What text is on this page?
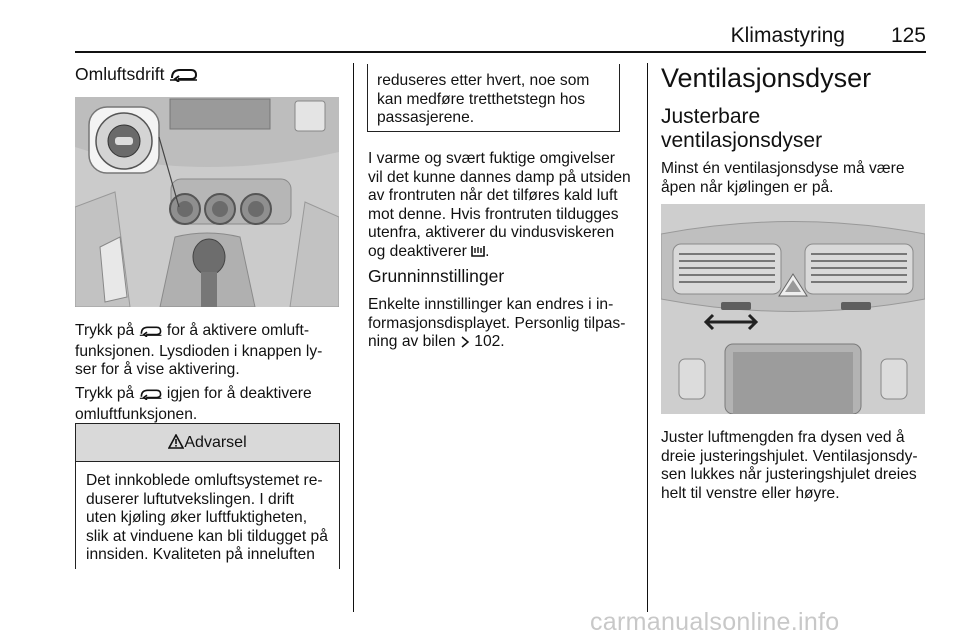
Klimastyring	125
Omluftsdrift
Trykk på for å aktivere omluft-
funksjonen. Lysdioden i knappen ly-
ser for å vise aktivering.
Trykk på igjen for å deaktivere
omluftfunksjonen.
Advarsel
Det innkoblede omluftsystemet re-
duserer luftutvekslingen. I drift
uten kjøling øker luftfuktigheten,
slik at vinduene kan bli tildugget på
innsiden. Kvaliteten på inneluften
reduseres etter hvert, noe som
kan medføre tretthetstegn hos
passasjerene.
I varme og svært fuktige omgivelser
vil det kunne dannes damp på utsiden
av frontruten når det tilføres kald luft
mot denne. Hvis frontruten tildugges
utenfra, aktiverer du vindusviskeren
og deaktiverer .
Grunninnstillinger
Enkelte innstillinger kan endres i in-
formasjonsdisplayet. Personlig tilpas-
ning av bilen 102.
Ventilasjonsdyser
Justerbare
ventilasjonsdyser
Minst én ventilasjonsdyse må være
åpen når kjølingen er på.
Juster luftmengden fra dysen ved å
dreie justeringshjulet. Ventilasjonsdy-
sen lukkes når justeringshjulet dreies
helt til venstre eller høyre.
carmanualsonline.info
